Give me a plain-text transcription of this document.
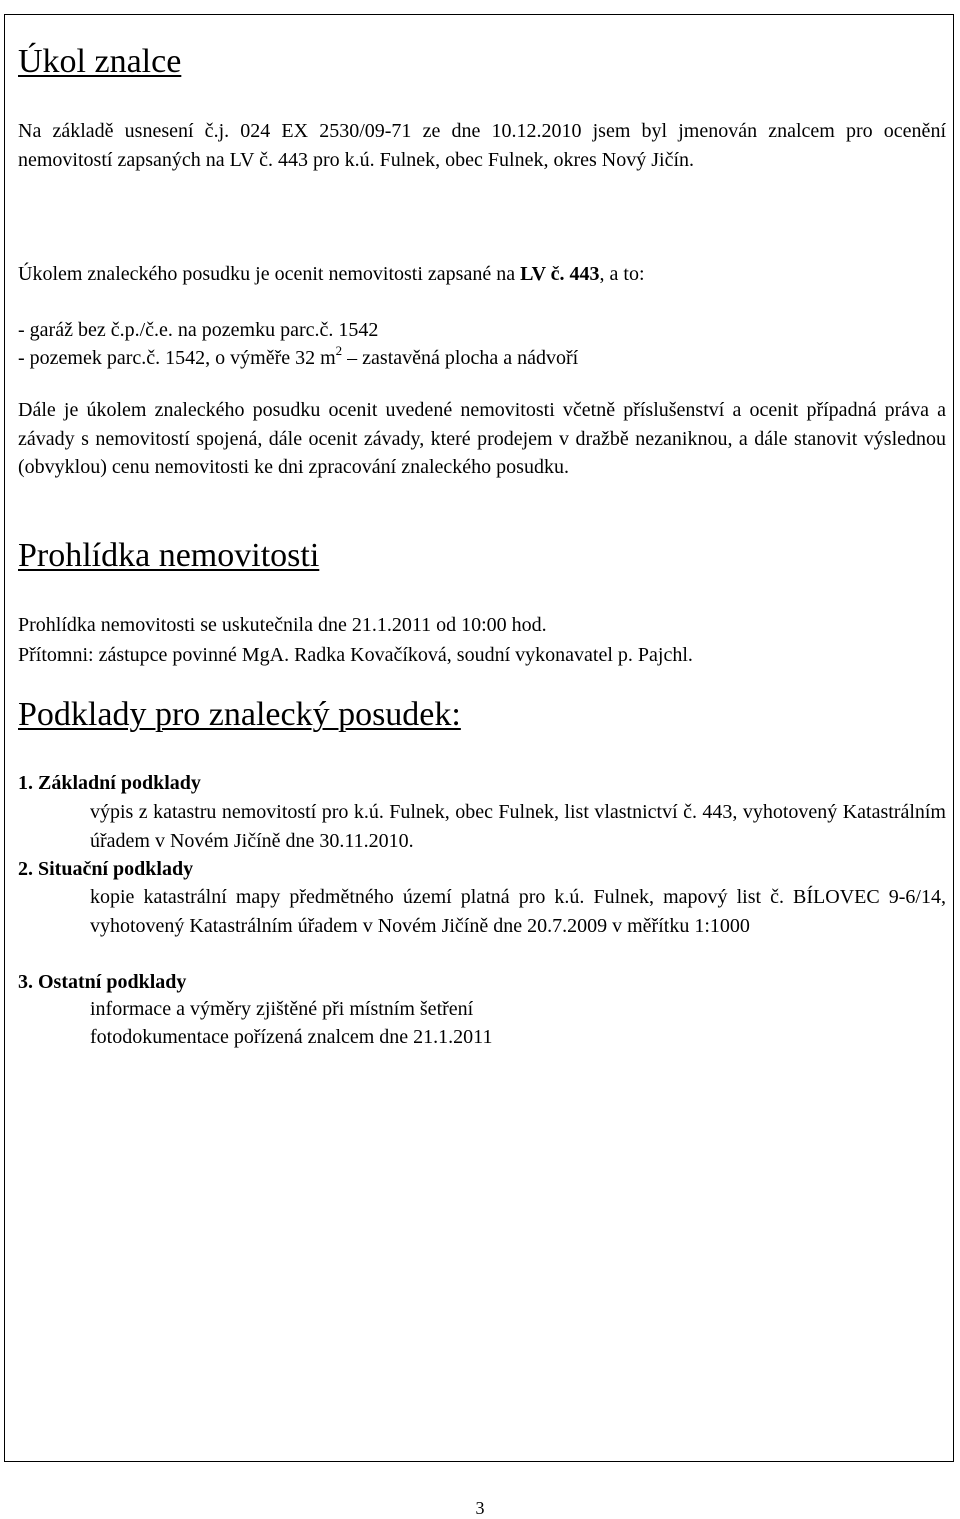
Úkol znalce
Na základě usnesení č.j. 024 EX 2530/09-71 ze dne 10.12.2010 jsem byl jmenován znalcem pro ocenění nemovitostí zapsaných na LV č. 443 pro k.ú. Fulnek, obec Fulnek, okres Nový Jičín.
Úkolem znaleckého posudku je ocenit nemovitosti zapsané na LV č. 443, a to:
- garáž bez č.p./č.e. na pozemku parc.č. 1542
- pozemek parc.č. 1542, o výměře 32 $m^2$ – zastavěná plocha a nádvoří
Dále je úkolem znaleckého posudku ocenit uvedené nemovitosti včetně příslušenství a ocenit případná práva a závady s nemovitostí spojená, dále ocenit závady, které prodejem v dražbě nezaniknou, a dále stanovit výslednou (obvyklou) cenu nemovitosti ke dni zpracování znaleckého posudku.
Prohlídka nemovitosti
Prohlídka nemovitosti se uskutečnila dne 21.1.2011 od 10:00 hod.
Přítomni: zástupce povinné MgA. Radka Kovačíková, soudní vykonavatel p. Pajchl.
Podklady pro znalecký posudek:
1. Základní podklady
výpis z katastru nemovitostí pro k.ú. Fulnek, obec Fulnek, list vlastnictví č. 443, vyhotovený Katastrálním úřadem v Novém Jičíně dne 30.11.2010.
2. Situační podklady
kopie katastrální mapy předmětného území platná pro k.ú. Fulnek, mapový list č. BÍLOVEC 9-6/14, vyhotovený Katastrálním úřadem v Novém Jičíně dne 20.7.2009 v měřítku 1:1000
3. Ostatní podklady
informace a výměry zjištěné při místním šetření
fotodokumentace pořízená znalcem dne 21.1.2011
3
